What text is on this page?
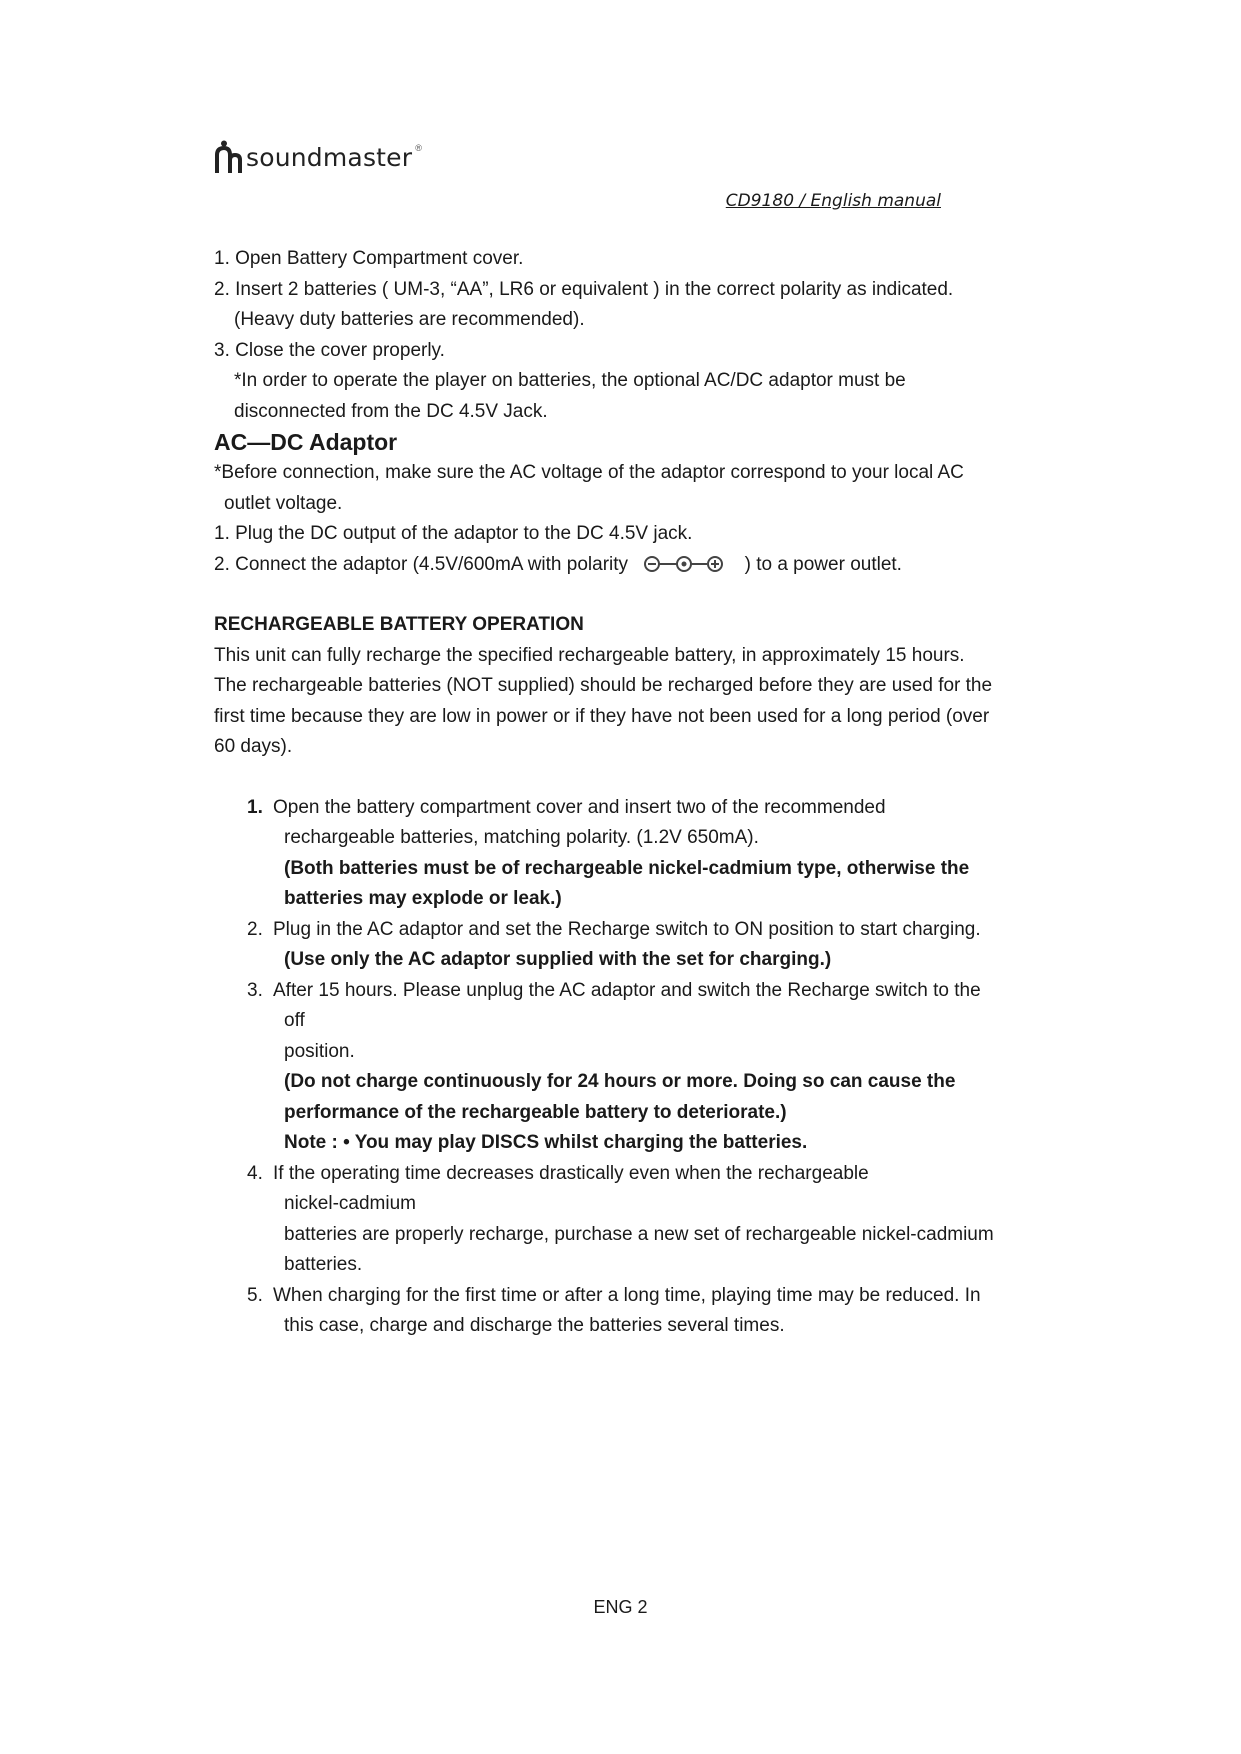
soundmaster ®
CD9180 / English manual
1. Open Battery Compartment cover.
2. Insert 2 batteries ( UM-3, “AA”, LR6 or equivalent ) in the correct polarity as indicated.
(Heavy duty batteries are recommended).
3. Close the cover properly.
*In order to operate the player on batteries, the optional AC/DC adaptor must be
disconnected from the DC 4.5V Jack.
AC—DC Adaptor
*Before connection, make sure the AC voltage of the adaptor correspond to your local AC
outlet voltage.
1. Plug the DC output of the adaptor to the DC 4.5V jack.
2. Connect the adaptor (4.5V/600mA with polarity	) to a power outlet.
RECHARGEABLE BATTERY OPERATION
This unit can fully recharge the specified rechargeable battery, in approximately 15 hours.
The rechargeable batteries (NOT supplied) should be recharged before they are used for the
first time because they are low in power or if they have not been used for a long period (over
60 days).
1. Open the battery compartment cover and insert two of the recommended
rechargeable batteries, matching polarity. (1.2V 650mA).
(Both batteries must be of rechargeable nickel-cadmium type, otherwise the
batteries may explode or leak.)
2. Plug in the AC adaptor and set the Recharge switch to ON position to start charging.
(Use only the AC adaptor supplied with the set for charging.)
3. After 15 hours. Please unplug the AC adaptor and switch the Recharge switch to the
off
position.
(Do not charge continuously for 24 hours or more. Doing so can cause the
performance of the rechargeable battery to deteriorate.)
Note : • You may play DISCS whilst charging the batteries.
4. If the operating time decreases drastically even when the rechargeable
nickel-cadmium
batteries are properly recharge, purchase a new set of rechargeable nickel-cadmium
batteries.
5. When charging for the first time or after a long time, playing time may be reduced. In
this case, charge and discharge the batteries several times.
ENG 2
